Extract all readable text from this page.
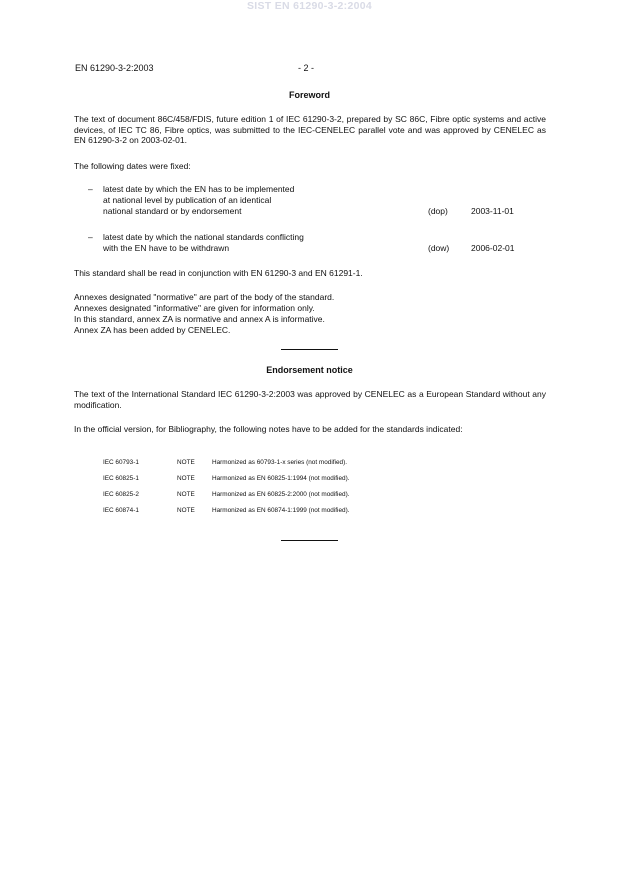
SIST EN 61290-3-2:2004
EN 61290-3-2:2003	- 2 -
Foreword
The text of document 86C/458/FDIS, future edition 1 of IEC 61290-3-2, prepared by SC 86C, Fibre optic systems and active devices, of IEC TC 86, Fibre optics, was submitted to the IEC-CENELEC parallel vote and was approved by CENELEC as EN 61290-3-2 on 2003-02-01.
The following dates were fixed:
– latest date by which the EN has to be implemented
at national level by publication of an identical
national standard or by endorsement	(dop)	2003-11-01
– latest date by which the national standards conflicting
with the EN have to be withdrawn	(dow)	2006-02-01
This standard shall be read in conjunction with EN 61290-3 and EN 61291-1.
Annexes designated "normative" are part of the body of the standard.
Annexes designated "informative" are given for information only.
In this standard, annex ZA is normative and annex A is informative.
Annex ZA has been added by CENELEC.
Endorsement notice
The text of the International Standard IEC 61290-3-2:2003 was approved by CENELEC as a European Standard without any modification.
In the official version, for Bibliography, the following notes have to be added for the standards indicated:
IEC 60793-1	NOTE	Harmonized as 60793-1-x series (not modified).
IEC 60825-1	NOTE	Harmonized as EN 60825-1:1994 (not modified).
IEC 60825-2	NOTE	Harmonized as EN 60825-2:2000 (not modified).
IEC 60874-1	NOTE	Harmonized as EN 60874-1:1999 (not modified).
